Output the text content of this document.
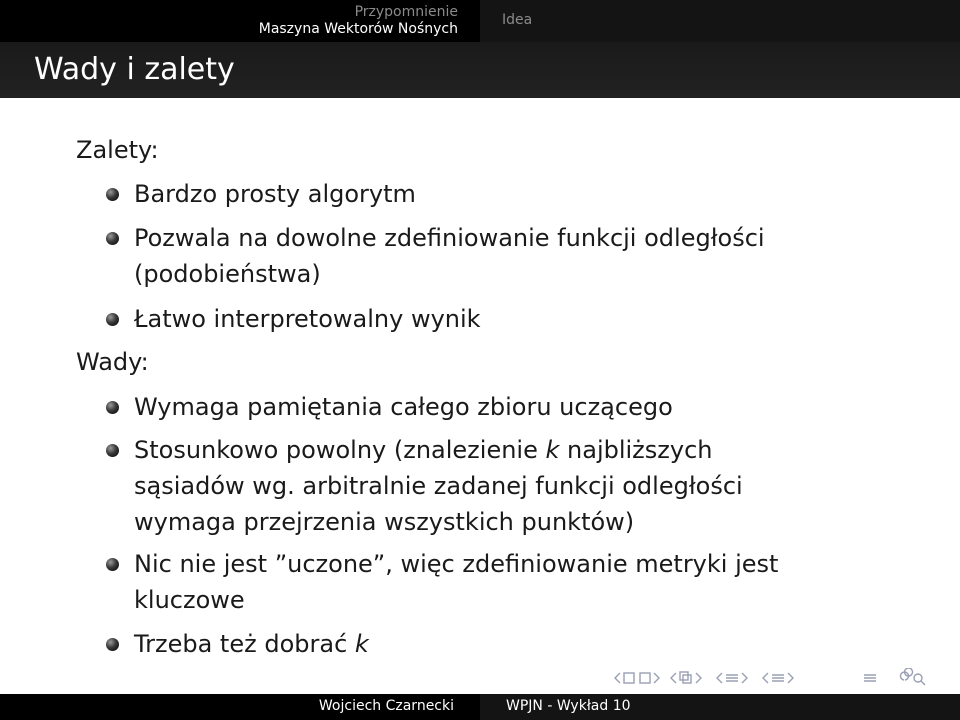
Przypomnienie
Maszyna Wektorów Nośnych
Idea
Wady i zalety
Zalety:
Bardzo prosty algorytm
Pozwala na dowolne zdefiniowanie funkcji odległości (podobieństwa)
Łatwo interpretowalny wynik
Wady:
Wymaga pamiętania całego zbioru uczącego
Stosunkowo powolny (znalezienie k najbliższych sąsiadów wg. arbitralnie zadanej funkcji odległości wymaga przejrzenia wszystkich punktów)
Nic nie jest ”uczone”, więc zdefiniowanie metryki jest kluczowe
Trzeba też dobrać k
Wojciech Czarnecki	WPJN - Wykład 10
